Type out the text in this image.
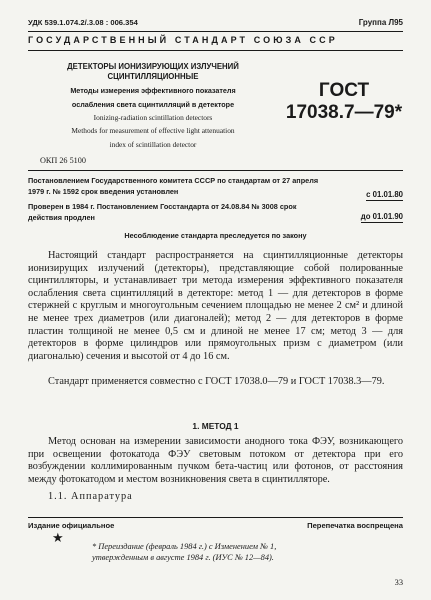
УДК 539.1.074.2/.3.08 : 006.354	Группа Л95
ГОСУДАРСТВЕННЫЙ СТАНДАРТ СОЮЗА ССР
ДЕТЕКТОРЫ ИОНИЗИРУЮЩИХ ИЗЛУЧЕНИЙ
СЦИНТИЛЛЯЦИОННЫЕ
Методы измерения эффективного показателя
ослабления света сцинтилляций в детекторе
Ionizing-radiation scintillation detectors
Methods for measurement of effective light attenuation
index of scintillation detector
ГОСТ
17038.7—79*
ОКП 26 5100
Постановлением Государственного комитета СССР по стандартам от 27 апреля 1979 г. № 1592 срок введения установлен	с 01.01.80
Проверен в 1984 г. Постановлением Госстандарта от 24.08.84 № 3008 срок действия продлен	до 01.01.90
Несоблюдение стандарта преследуется по закону

Настоящий стандарт распространяется на сцинтилляционные детекторы ионизирущих излучений (детекторы), представляющие собой полированные сцинтилляторы, и устанавливает три метода измерения эффективного показателя ослабления света сцинтилляций в детекторе: метод 1 — для детекторов в форме стержней с круглым и многоугольным сечением площадью не менее 2 см² и длиной не менее трех диаметров (или диагоналей); метод 2 — для детекторов в форме пластин толщиной не менее 0,5 см и длиной не менее 17 см; метод 3 — для детекторов в форме цилиндров или прямоугольных призм с диаметром (или диагональю) сечения и высотой от 4 до 16 см.

Стандарт применяется совместно с ГОСТ 17038.0—79 и ГОСТ 17038.3—79.

1. МЕТОД 1

Метод основан на измерении зависимости анодного тока ФЭУ, возникающего при освещении фотокатода ФЭУ световым потоком от детектора при его возбуждении коллимированным пучком бета-частиц или фотонов, от расстояния между фотокатодом и местом возникновения света в сцинтилляторе.

1.1. Аппаратура
Издание официальное	Перепечатка воспрещена
★
* Переиздание (февраль 1984 г.) с Изменением № 1,
утвержденным в августе 1984 г. (ИУС № 12—84).
33
